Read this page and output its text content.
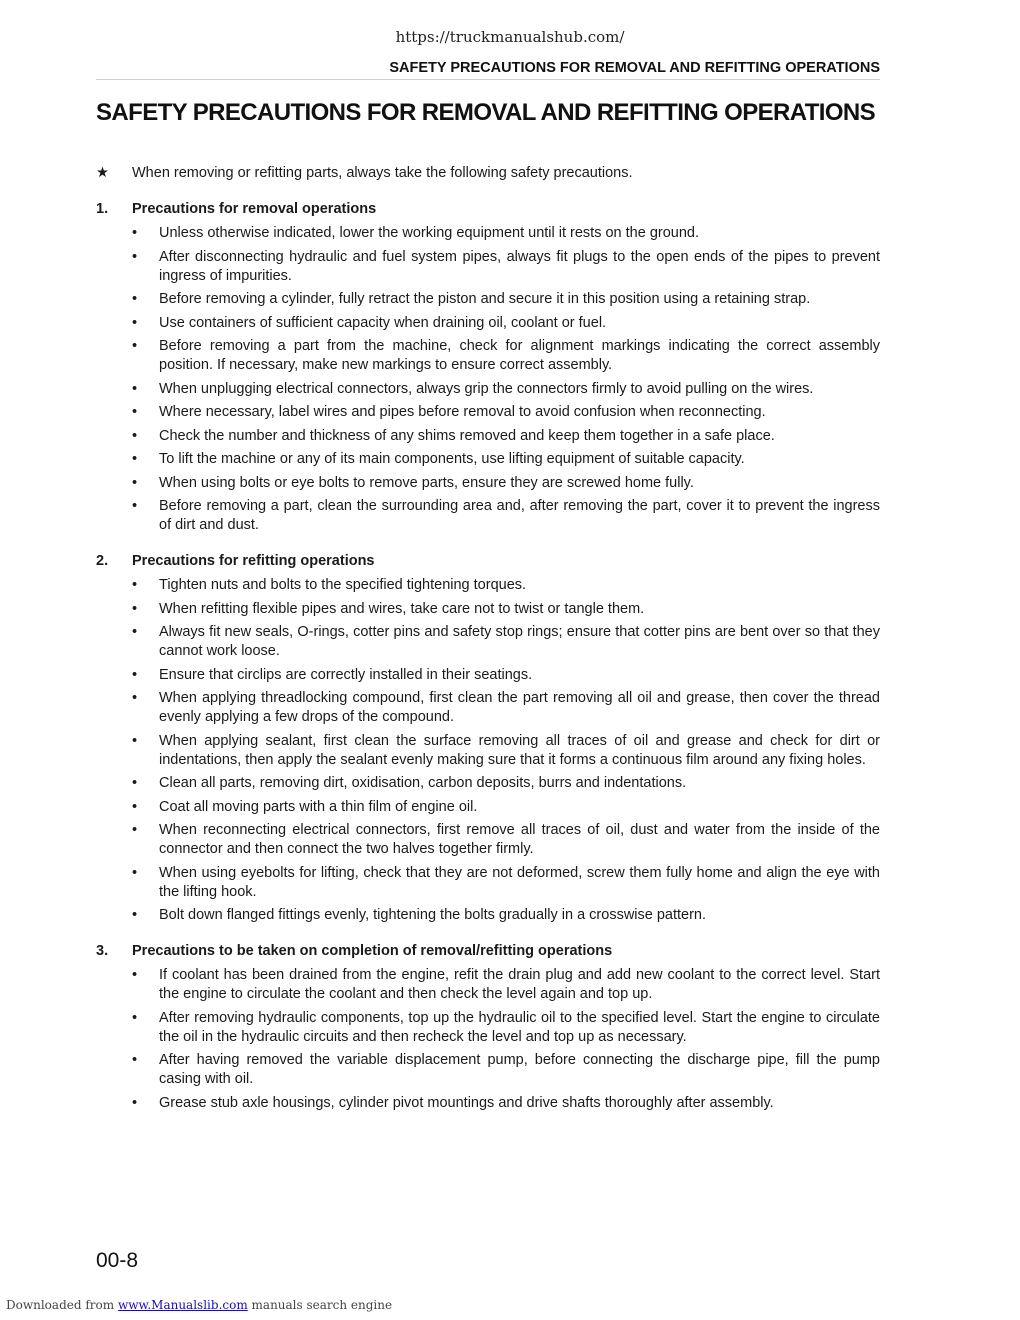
https://truckmanualshub.com/
SAFETY PRECAUTIONS FOR REMOVAL AND REFITTING OPERATIONS
SAFETY PRECAUTIONS FOR REMOVAL AND REFITTING OPERATIONS
★	When removing or refitting parts, always take the following safety precautions.
1.	Precautions for removal operations
•	Unless otherwise indicated, lower the working equipment until it rests on the ground.
•	After disconnecting hydraulic and fuel system pipes, always fit plugs to the open ends of the pipes to prevent ingress of impurities.
•	Before removing a cylinder, fully retract the piston and secure it in this position using a retaining strap.
•	Use containers of sufficient capacity when draining oil, coolant or fuel.
•	Before removing a part from the machine, check for alignment markings indicating the correct assembly position. If necessary, make new markings to ensure correct assembly.
•	When unplugging electrical connectors, always grip the connectors firmly to avoid pulling on the wires.
•	Where necessary, label wires and pipes before removal to avoid confusion when reconnecting.
•	Check the number and thickness of any shims removed and keep them together in a safe place.
•	To lift the machine or any of its main components, use lifting equipment of suitable capacity.
•	When using bolts or eye bolts to remove parts, ensure they are screwed home fully.
•	Before removing a part, clean the surrounding area and, after removing the part, cover it to prevent the ingress of dirt and dust.
2.	Precautions for refitting operations
•	Tighten nuts and bolts to the specified tightening torques.
•	When refitting flexible pipes and wires, take care not to twist or tangle them.
•	Always fit new seals, O-rings, cotter pins and safety stop rings; ensure that cotter pins are bent over so that they cannot work loose.
•	Ensure that circlips are correctly installed in their seatings.
•	When applying threadlocking compound, first clean the part removing all oil and grease, then cover the thread evenly applying a few drops of the compound.
•	When applying sealant, first clean the surface removing all traces of oil and grease and check for dirt or indentations, then apply the sealant evenly making sure that it forms a continuous film around any fixing holes.
•	Clean all parts, removing dirt, oxidisation, carbon deposits, burrs and indentations.
•	Coat all moving parts with a thin film of engine oil.
•	When reconnecting electrical connectors, first remove all traces of oil, dust and water from the inside of the connector and then connect the two halves together firmly.
•	When using eyebolts for lifting, check that they are not deformed, screw them fully home and align the eye with the lifting hook.
•	Bolt down flanged fittings evenly, tightening the bolts gradually in a crosswise pattern.
3.	Precautions to be taken on completion of removal/refitting operations
•	If coolant has been drained from the engine, refit the drain plug and add new coolant to the correct level. Start the engine to circulate the coolant and then check the level again and top up.
•	After removing hydraulic components, top up the hydraulic oil to the specified level. Start the engine to circulate the oil in the hydraulic circuits and then recheck the level and top up as necessary.
•	After having removed the variable displacement pump, before connecting the discharge pipe, fill the pump casing with oil.
•	Grease stub axle housings, cylinder pivot mountings and drive shafts thoroughly after assembly.
00-8
Downloaded from www.Manualslib.com manuals search engine
